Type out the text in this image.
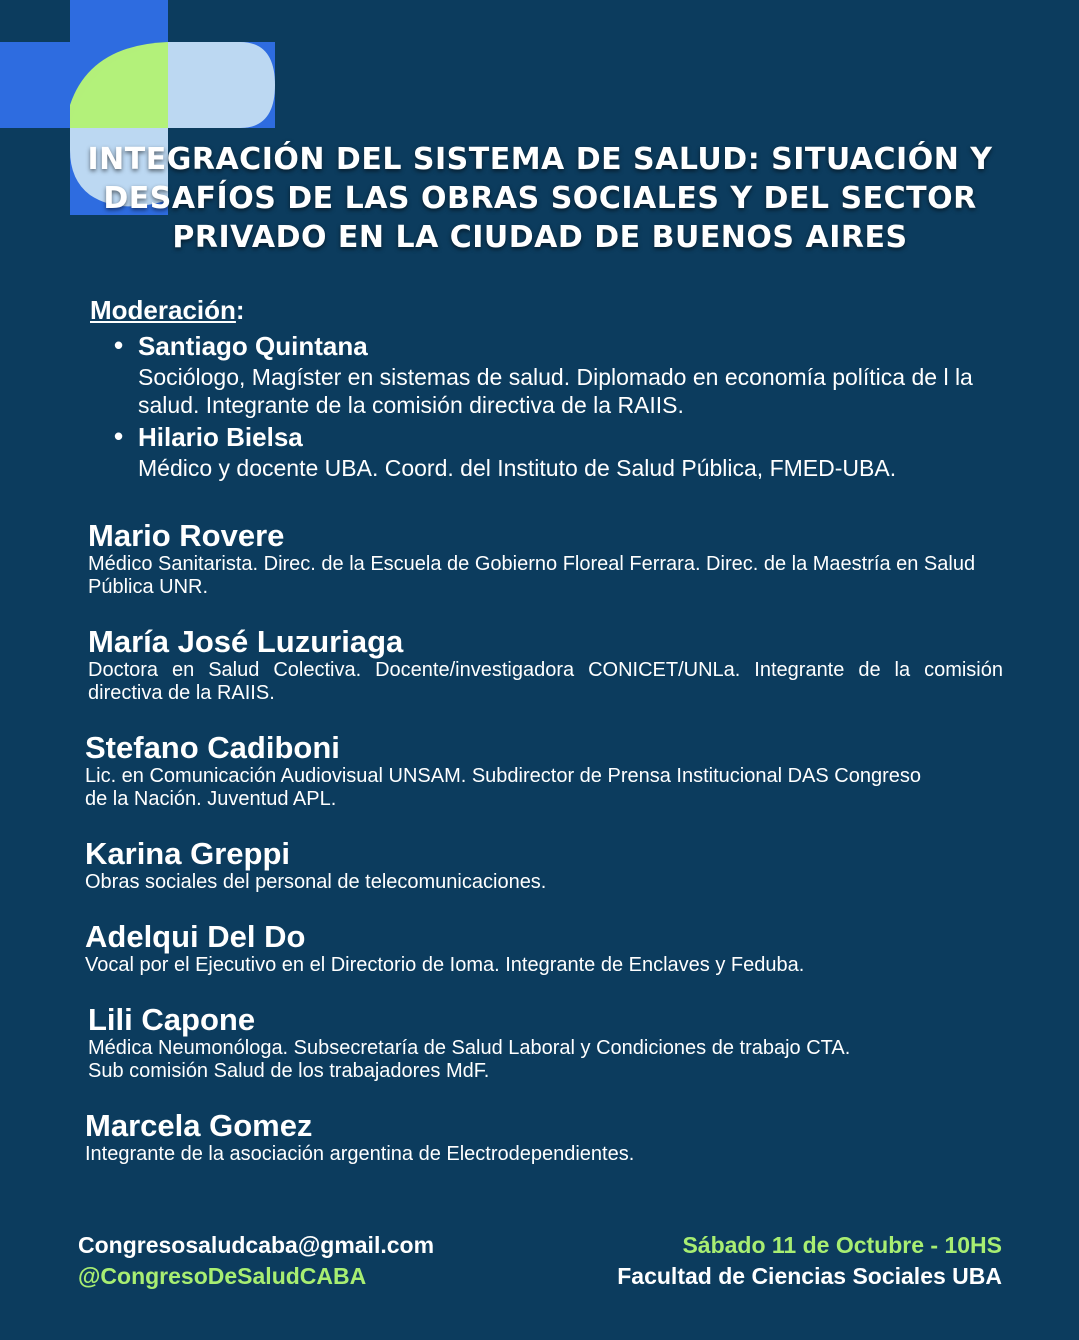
INTEGRACIÓN DEL SISTEMA DE SALUD: SITUACIÓN Y
DESAFÍOS DE LAS OBRAS SOCIALES Y DEL SECTOR
PRIVADO EN LA CIUDAD DE BUENOS AIRES
Moderación:
• Santiago Quintana
Sociólogo, Magíster en sistemas de salud. Diplomado en economía política de l la salud. Integrante de la comisión directiva de la RAIIS.
• Hilario Bielsa
Médico y docente UBA. Coord. del Instituto de Salud Pública, FMED-UBA.
Mario Rovere
Médico Sanitarista. Direc. de la Escuela de Gobierno Floreal Ferrara. Direc. de la Maestría en Salud Pública UNR.
María José Luzuriaga
Doctora en Salud Colectiva. Docente/investigadora CONICET/UNLa. Integrante de la comisión directiva de la RAIIS.
Stefano Cadiboni
Lic. en Comunicación Audiovisual UNSAM. Subdirector de Prensa Institucional DAS Congreso de la Nación. Juventud APL.
Karina Greppi
Obras sociales del personal de telecomunicaciones.
Adelqui Del Do
Vocal por el Ejecutivo en el Directorio de Ioma. Integrante de Enclaves y Feduba.
Lili Capone
Médica Neumonóloga. Subsecretaría de Salud Laboral y Condiciones de trabajo CTA.
Sub comisión Salud de los trabajadores MdF.
Marcela Gomez
Integrante de la asociación argentina de Electrodependientes.
Congresosaludcaba@gmail.com
@CongresoDeSaludCABA
Sábado 11 de Octubre - 10HS
Facultad de Ciencias Sociales UBA
